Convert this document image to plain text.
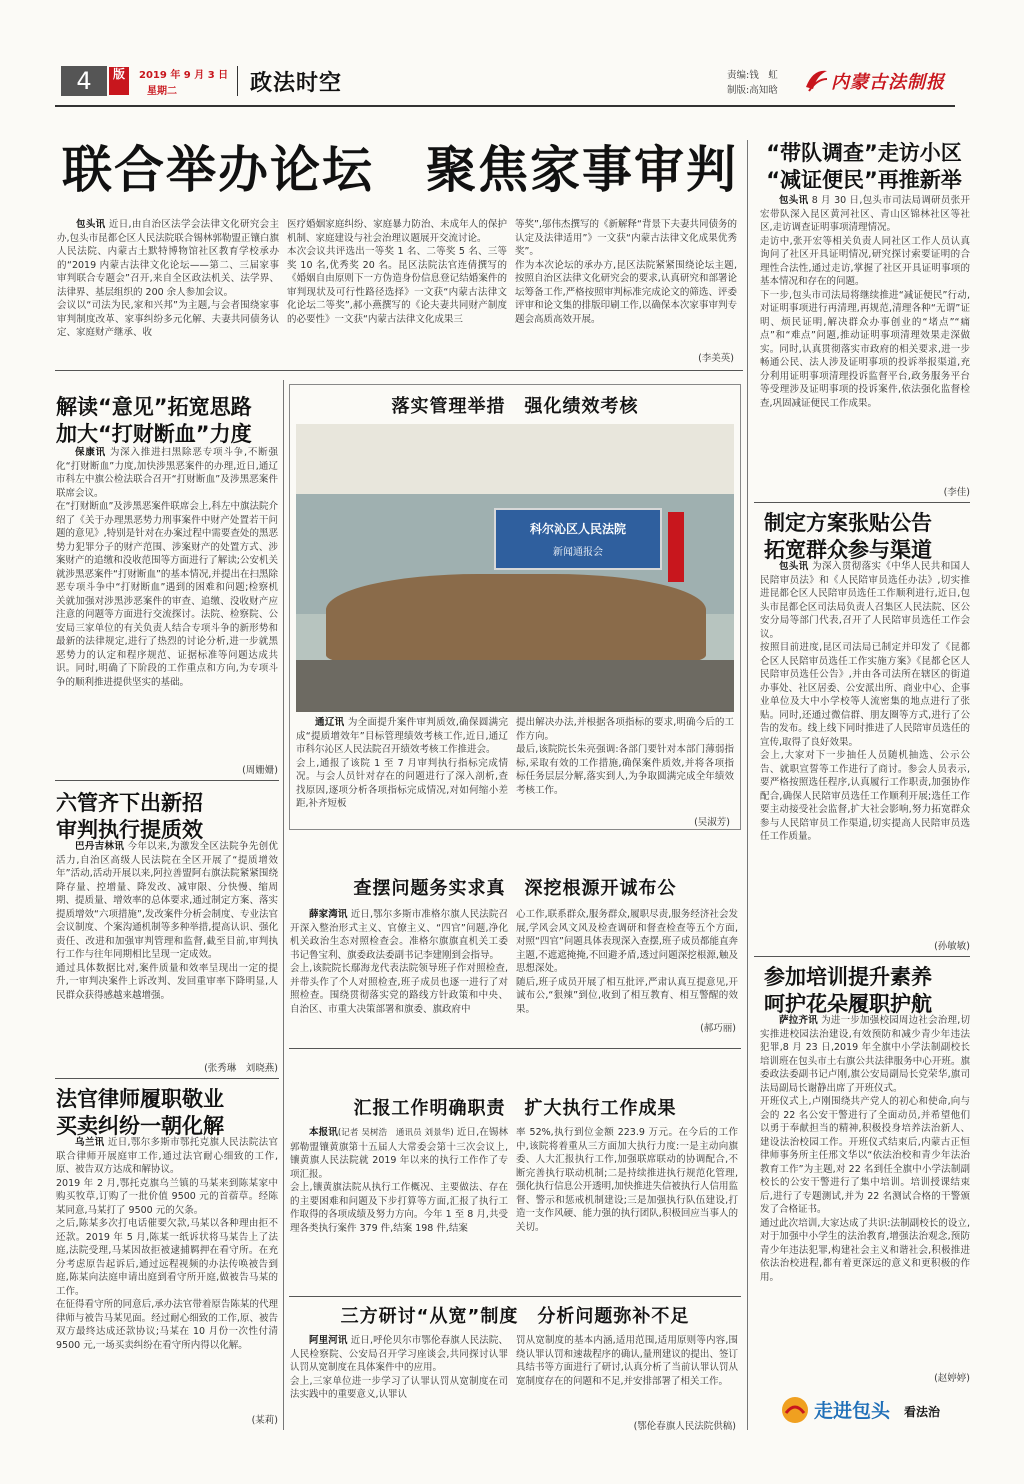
4	版	2019 年 9 月 3 日
星期二	政法时空	责编:钱　虹
制版:高知晗	内蒙古法制报
联合举办论坛　聚焦家事审判
包头讯 近日,由自治区法学会法律文化研究会主办,包头市昆都仑区人民法院联合锡林郭勒盟正镶白旗人民法院、内蒙古土默特博物馆社区教育学校承办的“2019 内蒙古法律文化论坛——第二、三届家事审判联合专题会”召开,来自全区政法机关、法学界、法律界、基层组织的 200 余人参加会议。
会议以“司法为民,家和兴邦”为主题,与会者围绕家事审判制度改革、家事纠纷多元化解、夫妻共同债务认定、家庭财产继承、收
医疗婚姻家庭纠纷、家庭暴力防治、未成年人的保护机制、家庭建设与社会治理议题展开交流讨论。
本次会议共评选出一等奖 1 名、二等奖 5 名、三等奖 10 名,优秀奖 20 名。昆区法院法官连倩撰写的《婚姻自由原则下一方伪造身份信息登记结婚案件的审判现状及可行性路径选择》一文获“内蒙古法律文化论坛二等奖”,郝小燕撰写的《论夫妻共同财产制度的必要性》一文获“内蒙古法律文化成果三
等奖”,邬伟杰撰写的《新解释“背景下夫妻共同债务的认定及法律适用”》一文获“内蒙古法律文化成果优秀奖”。
作为本次论坛的承办方,昆区法院紧紧围绕论坛主题,按照自治区法律文化研究会的要求,认真研究和部署论坛筹备工作,严格按照审判标准完成论文的筛选、评委评审和论文集的排版印刷工作,以确保本次家事审判专题会高质高效开展。
(李美英)
解读“意见”拓宽思路
加大“打财断血”力度
保康讯 为深入推进扫黑除恶专项斗争,不断强化“打财断血”力度,加快涉黑恶案件的办理,近日,通辽市科左中旗公检法联合召开“打财断血”及涉黑恶案件联席会议。
在“打财断血”及涉黑恶案件联席会上,科左中旗法院介绍了《关于办理黑恶势力刑事案件中财产处置若干问题的意见》,特别是针对在办案过程中需要查处的黑恶势力犯罪分子的财产范围、涉案财产的处置方式、涉案财产的追缴和没收范围等方面进行了解读;公安机关就涉黑恶案件“打财断血”的基本情况,并提出在扫黑除恶专项斗争中“打财断血”遇到的困难和问题;检察机关就加强对涉黑涉恶案件的审查、追缴、没收财产应注意的问题等方面进行交流探讨。法院、检察院、公安局三家单位的有关负责人结合专项斗争的新形势和最新的法律规定,进行了热烈的讨论分析,进一步就黑恶势力的认定和程序规范、证据标准等问题达成共识。同时,明确了下阶段的工作重点和方向,为专项斗争的顺利推进提供坚实的基础。
(周姗姗)
六管齐下出新招
审判执行提质效
巴丹吉林讯 今年以来,为激发全区法院争先创优活力,自治区高级人民法院在全区开展了“提质增效年”活动,活动开展以来,阿拉善盟阿右旗法院紧紧围绕降存量、控增量、降发改、减审限、分快慢、缩周期、提质量、增效率的总体要求,通过制定方案、落实提质增效“六项措施”,发改案件分析会制度、专业法官会议制度、个案沟通机制等多种举措,提高认识、强化责任、改进和加强审判管理和监督,截至目前,审判执行工作与往年同期相比呈现一定成效。
通过具体数据比对,案件质量和效率呈现出一定的提升,一审判决案件上诉改判、发回重审率下降明显,人民群众获得感越来越增强。
(张秀琳　刘晓燕)
法官律师履职敬业
买卖纠纷一朝化解
乌兰讯 近日,鄂尔多斯市鄂托克旗人民法院法官联合律师开展庭审工作,通过法官耐心细致的工作,原、被告双方达成和解协议。
2019 年 2 月,鄂托克旗乌兰镇的马某来到陈某家中购买牧草,订购了一批价值 9500 元的首蓿草。经陈某同意,马某打了 9500 元的欠条。
之后,陈某多次打电话催要欠款,马某以各种理由拒不还款。2019 年 5 月,陈某一纸诉状将马某告上了法庭,法院受理,马某因故拒被逮捕羁押在看守所。在充分考虑原告起诉后,通过远程视频的办法传唤被告到庭,陈某向法庭申请出庭到看守所开庭,做被告马某的工作。
在征得看守所的同意后,承办法官带着原告陈某的代理律师与被告马某见面。经过耐心细致的工作,原、被告双方最终达成还款协议;马某在 10 月份一次性付清 9500 元,一场买卖纠纷在看守所内得以化解。
(某莉)
落实管理举措　强化绩效考核
科尔沁区人民法院
新闻通报会
通辽讯 为全面提升案件审判质效,确保圆满完成“提质增效年”目标管理绩效考核工作,近日,通辽市科尔沁区人民法院召开绩效考核工作推进会。
会上,通报了该院 1 至 7 月审判执行指标完成情况。与会人员针对存在的问题进行了深入剖析,查找原因,逐项分析各项指标完成情况,对如何缩小差距,补齐短板
提出解决办法,并根据各项指标的要求,明确今后的工作方向。
最后,该院院长朱亮强调:各部门要针对本部门薄弱指标,采取有效的工作措施,确保案件质效,并将各项指标任务层层分解,落实到人,为争取圆满完成全年绩效考核工作。
(吴淑芳)
查摆问题务实求真　深挖根源开诚布公
薛家湾讯 近日,鄂尔多斯市准格尔旗人民法院召开深入整治形式主义、官僚主义、“四官”问题,净化机关政治生态对照检查会。准格尔旗旗直机关工委书记鲁宝利、旗委政法委副书记李建刚到会指导。
会上,该院院长鄢海龙代表法院领导班子作对照检查,并带头作了个人对照检查,班子成员也逐一进行了对照检查。围绕贯彻落实党的路线方针政策和中央、自治区、市重大决策部署和旗委、旗政府中
心工作,联系群众,服务群众,履职尽责,服务经济社会发展,学风会风文风及检查调研和督查检查等五个方面,对照“四官”问题具体表现深入查摆,班子成员都能直奔主题,不遮遮掩掩,不回避矛盾,透过问题深挖根源,触及思想深处。
随后,班子成员开展了相互批评,严肃认真互提意见,开诚布公,“狠辣”到位,收到了相互教育、相互警醒的效果。
(郝巧丽)
汇报工作明确职责　扩大执行工作成果
本报讯(记者 吴树浩　通讯员 刘景华) 近日,在锡林郭勒盟镶黄旗第十五届人大常委会第十三次会议上,镶黄旗人民法院就 2019 年以来的执行工作作了专项汇报。
会上,镶黄旗法院从执行工作概况、主要做法、存在的主要困难和问题及下步打算等方面,汇报了执行工作取得的各项成绩及努力方向。今年 1 至 8 月,共受理各类执行案件 379 件,结案 198 件,结案
率 52%,执行到位金额 223.9 万元。在今后的工作中,该院将着重从三方面加大执行力度:一是主动向旗委、人大汇报执行工作,加强联席联动的协调配合,不断完善执行联动机制;二是持续推进执行规范化管理,强化执行信息公开透明,加快推进失信被执行人信用监督、警示和惩戒机制建设;三是加强执行队伍建设,打造一支作风硬、能力强的执行团队,积极回应当事人的关切。
三方研讨“从宽”制度　分析问题弥补不足
阿里河讯 近日,呼伦贝尔市鄂伦春旗人民法院、人民检察院、公安局召开学习座谈会,共同探讨认罪认罚从宽制度在具体案件中的应用。
会上,三家单位进一步学习了认罪认罚从宽制度在司法实践中的重要意义,认罪认
罚从宽制度的基本内涵,适用范围,适用原则等内容,围绕认罪认罚和速裁程序的确认,量刑建议的提出、签订具结书等方面进行了研讨,认真分析了当前认罪认罚从宽制度存在的问题和不足,并安排部署了相关工作。
(鄂伦春旗人民法院供稿)
“带队调查”走访小区
“减证便民”再推新举
包头讯 8 月 30 日,包头市司法局调研员张开宏带队深入昆区黄河社区、青山区锦林社区等社区,走访调查证明事项清理情况。
走访中,张开宏等相关负责人同社区工作人员认真询问了社区开具证明情况,研究探讨索要证明的合理性合法性,通过走访,掌握了社区开具证明事项的基本情况和存在的问题。
下一步,包头市司法局将继续推进“减证便民”行动,对证明事项进行再清理,再规范,清理各种“无谓”证明、烦民证明,解决群众办事创业的“堵点”“痛点”和“难点”问题,推动证明事项清理效果走深做实。同时,认真贯彻落实市政府的相关要求,进一步畅通公民、法人涉及证明事项的投诉举报渠道,充分利用证明事项清理投诉监督平台,政务服务平台等受理涉及证明事项的投诉案件,依法强化监督检查,巩固减证便民工作成果。
(李佳)
制定方案张贴公告
拓宽群众参与渠道
包头讯 为深入贯彻落实《中华人民共和国人民陪审员法》和《人民陪审员选任办法》,切实推进昆都仑区人民陪审员选任工作顺利进行,近日,包头市昆都仑区司法局负责人召集区人民法院、区公安分局等部门代表,召开了人民陪审员选任工作会议。
按照目前进度,昆区司法局已制定并印发了《昆都仑区人民陪审员选任工作实施方案》《昆都仑区人民陪审员选任公告》,并由各司法所在辖区的街道办事处、社区居委、公安派出所、商业中心、企事业单位及大中小学校等人流密集的地点进行了张贴。同时,还通过微信群、朋友圈等方式,进行了公告的发布。线上线下同时推进了人民陪审员选任的宣传,取得了良好效果。
会上,大家对下一步抽任人员随机抽选、公示公告、就职宣誓等工作进行了商讨。参会人员表示,要严格按照选任程序,认真履行工作职责,加强协作配合,确保人民陪审员选任工作顺利开展;选任工作要主动接受社会监督,扩大社会影响,努力拓宽群众参与人民陪审员工作渠道,切实提高人民陪审员选任工作质量。
(孙敏敏)
参加培训提升素养
呵护花朵履职护航
萨拉齐讯 为进一步加强校园周边社会治理,切实推进校园法治建设,有效预防和减少青少年违法犯罪,8 月 23 日,2019 年全旗中小学法制副校长培训班在包头市土右旗公共法律服务中心开班。旗委政法委副书记卢刚,旗公安局副局长党荣华,旗司法局副局长谢静出席了开班仪式。
开班仪式上,卢刚围绕共产党人的初心和使命,向与会的 22 名公安干警进行了全面动员,并希望他们以勇于奉献担当的精神,积极投身培养法治新人、建设法治校园工作。开班仪式结束后,内蒙古正恒律师事务所主任邢文华以“依法治校和青少年法治教育工作”为主题,对 22 名到任全旗中小学法制副校长的公安干警进行了集中培训。培训授课结束后,进行了专题测试,并为 22 名测试合格的干警颁发了合格证书。
通过此次培训,大家达成了共识:法制副校长的设立,对于加强中小学生的法治教育,增强法治观念,预防青少年违法犯罪,构建社会主义和谐社会,积极推进依法治校进程,都有着更深远的意义和更积极的作用。
(赵婷婷)
走进包头 看法治
